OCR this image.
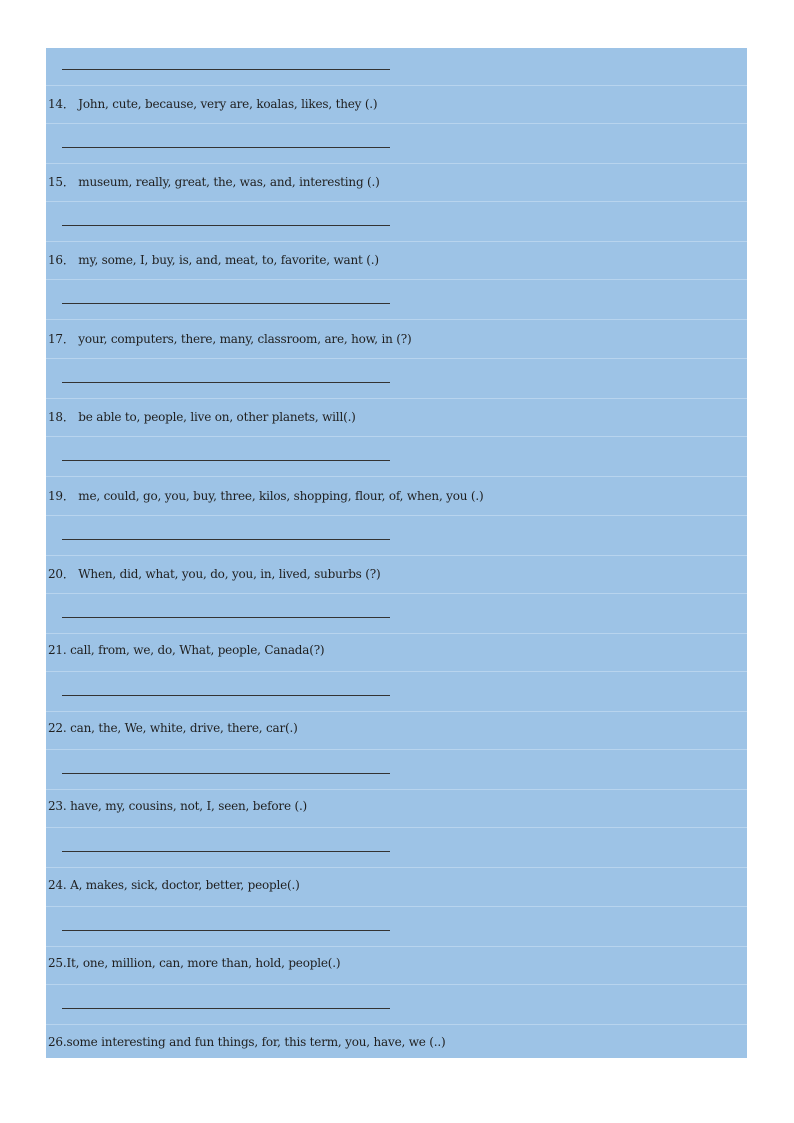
14． John, cute, because, very are, koalas, likes, they (.)
15． museum, really, great, the, was, and, interesting (.)
16． my, some, I, buy, is, and, meat, to, favorite, want (.)
17． your, computers, there, many, classroom, are, how, in (?)
18． be able to, people, live on, other planets, will(.)
19． me, could, go, you, buy, three, kilos, shopping, flour, of, when, you (.)
20． When, did, what, you, do, you, in, lived, suburbs (?)
21. call, from, we, do, What, people, Canada(?)
22. can, the, We, white, drive, there, car(.)
23. have, my, cousins, not, I, seen, before (.)
24. A, makes, sick, doctor, better, people(.)
25.It, one, million, can, more than, hold, people(.)
26.some interesting and fun things, for, this term, you, have, we (..)
